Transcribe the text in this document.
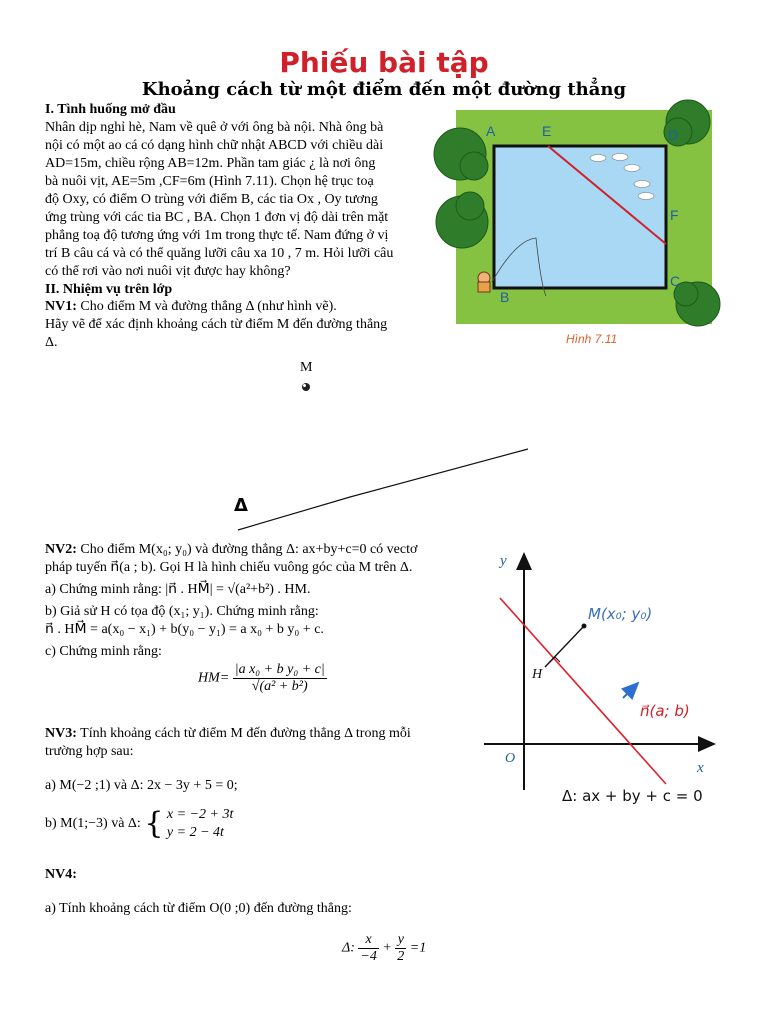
Phiếu bài tập
Khoảng cách từ một điểm đến một đường thẳng
I. Tình huống mở đầu
Nhân dịp nghỉ hè, Nam về quê ở với ông bà nội. Nhà ông bà
nội có một ao cá có dạng hình chữ nhật ABCD với chiều dài
AD=15m, chiều rộng AB=12m. Phần tam giác ¿ là nơi ông
bà nuôi vịt, AE=5m ,CF=6m (Hình 7.11). Chọn hệ trục toạ
độ Oxy, có điểm O trùng với điểm B, các tia Ox , Oy tương
ứng trùng với các tia BC , BA. Chọn 1 đơn vị độ dài trên mặt
phẳng toạ độ tương ứng với 1m trong thực tế. Nam đứng ở vị
trí B câu cá và có thể quăng lưỡi câu xa 10 , 7 m. Hỏi lưỡi câu
có thể rơi vào nơi nuôi vịt được hay không?
A	E	D
F
C
B
Hình 7.11
II. Nhiệm vụ trên lớp
NV1: Cho điểm M và đường thẳng Δ (như hình vẽ).
Hãy vẽ để xác định khoảng cách từ điểm M đến đường thẳng
Δ.
M
Δ
NV2: Cho điểm M(x₀; y₀) và đường thẳng Δ: ax+by+c=0 có vectơ
pháp tuyến n⃗(a ; b). Gọi H là hình chiếu vuông góc của M trên Δ.
a) Chứng minh rằng: |n⃗ . HM⃗| = √(a²+b²) . HM.
b) Giả sử H có tọa độ (x₁; y₁). Chứng minh rằng:
n⃗ . HM⃗ = a(x₀ − x₁) + b(y₀ − y₁) = a x₀ + b y₀ + c.
c) Chứng minh rằng:
$HM= \frac{\text{|a x₀ + b y₀ + c|}}{\text{√(a² + b²)}}$
y
x
O
M(x₀; y₀)
H
n⃗(a; b)
Δ: ax + by + c = 0
NV3: Tính khoảng cách từ điểm M đến đường thẳng Δ trong mỗi
trường hợp sau:
a) M(−2 ;1) và Δ: 2x − 3y + 5 = 0;
b) M(1;−3) và Δ: { x = −2 + 3t
y = 2 − 4t
NV4:
a) Tính khoảng cách từ điểm O(0 ;0) đến đường thẳng:
Δ: $\frac{x}{-4} + \frac{y}{2} =1$
